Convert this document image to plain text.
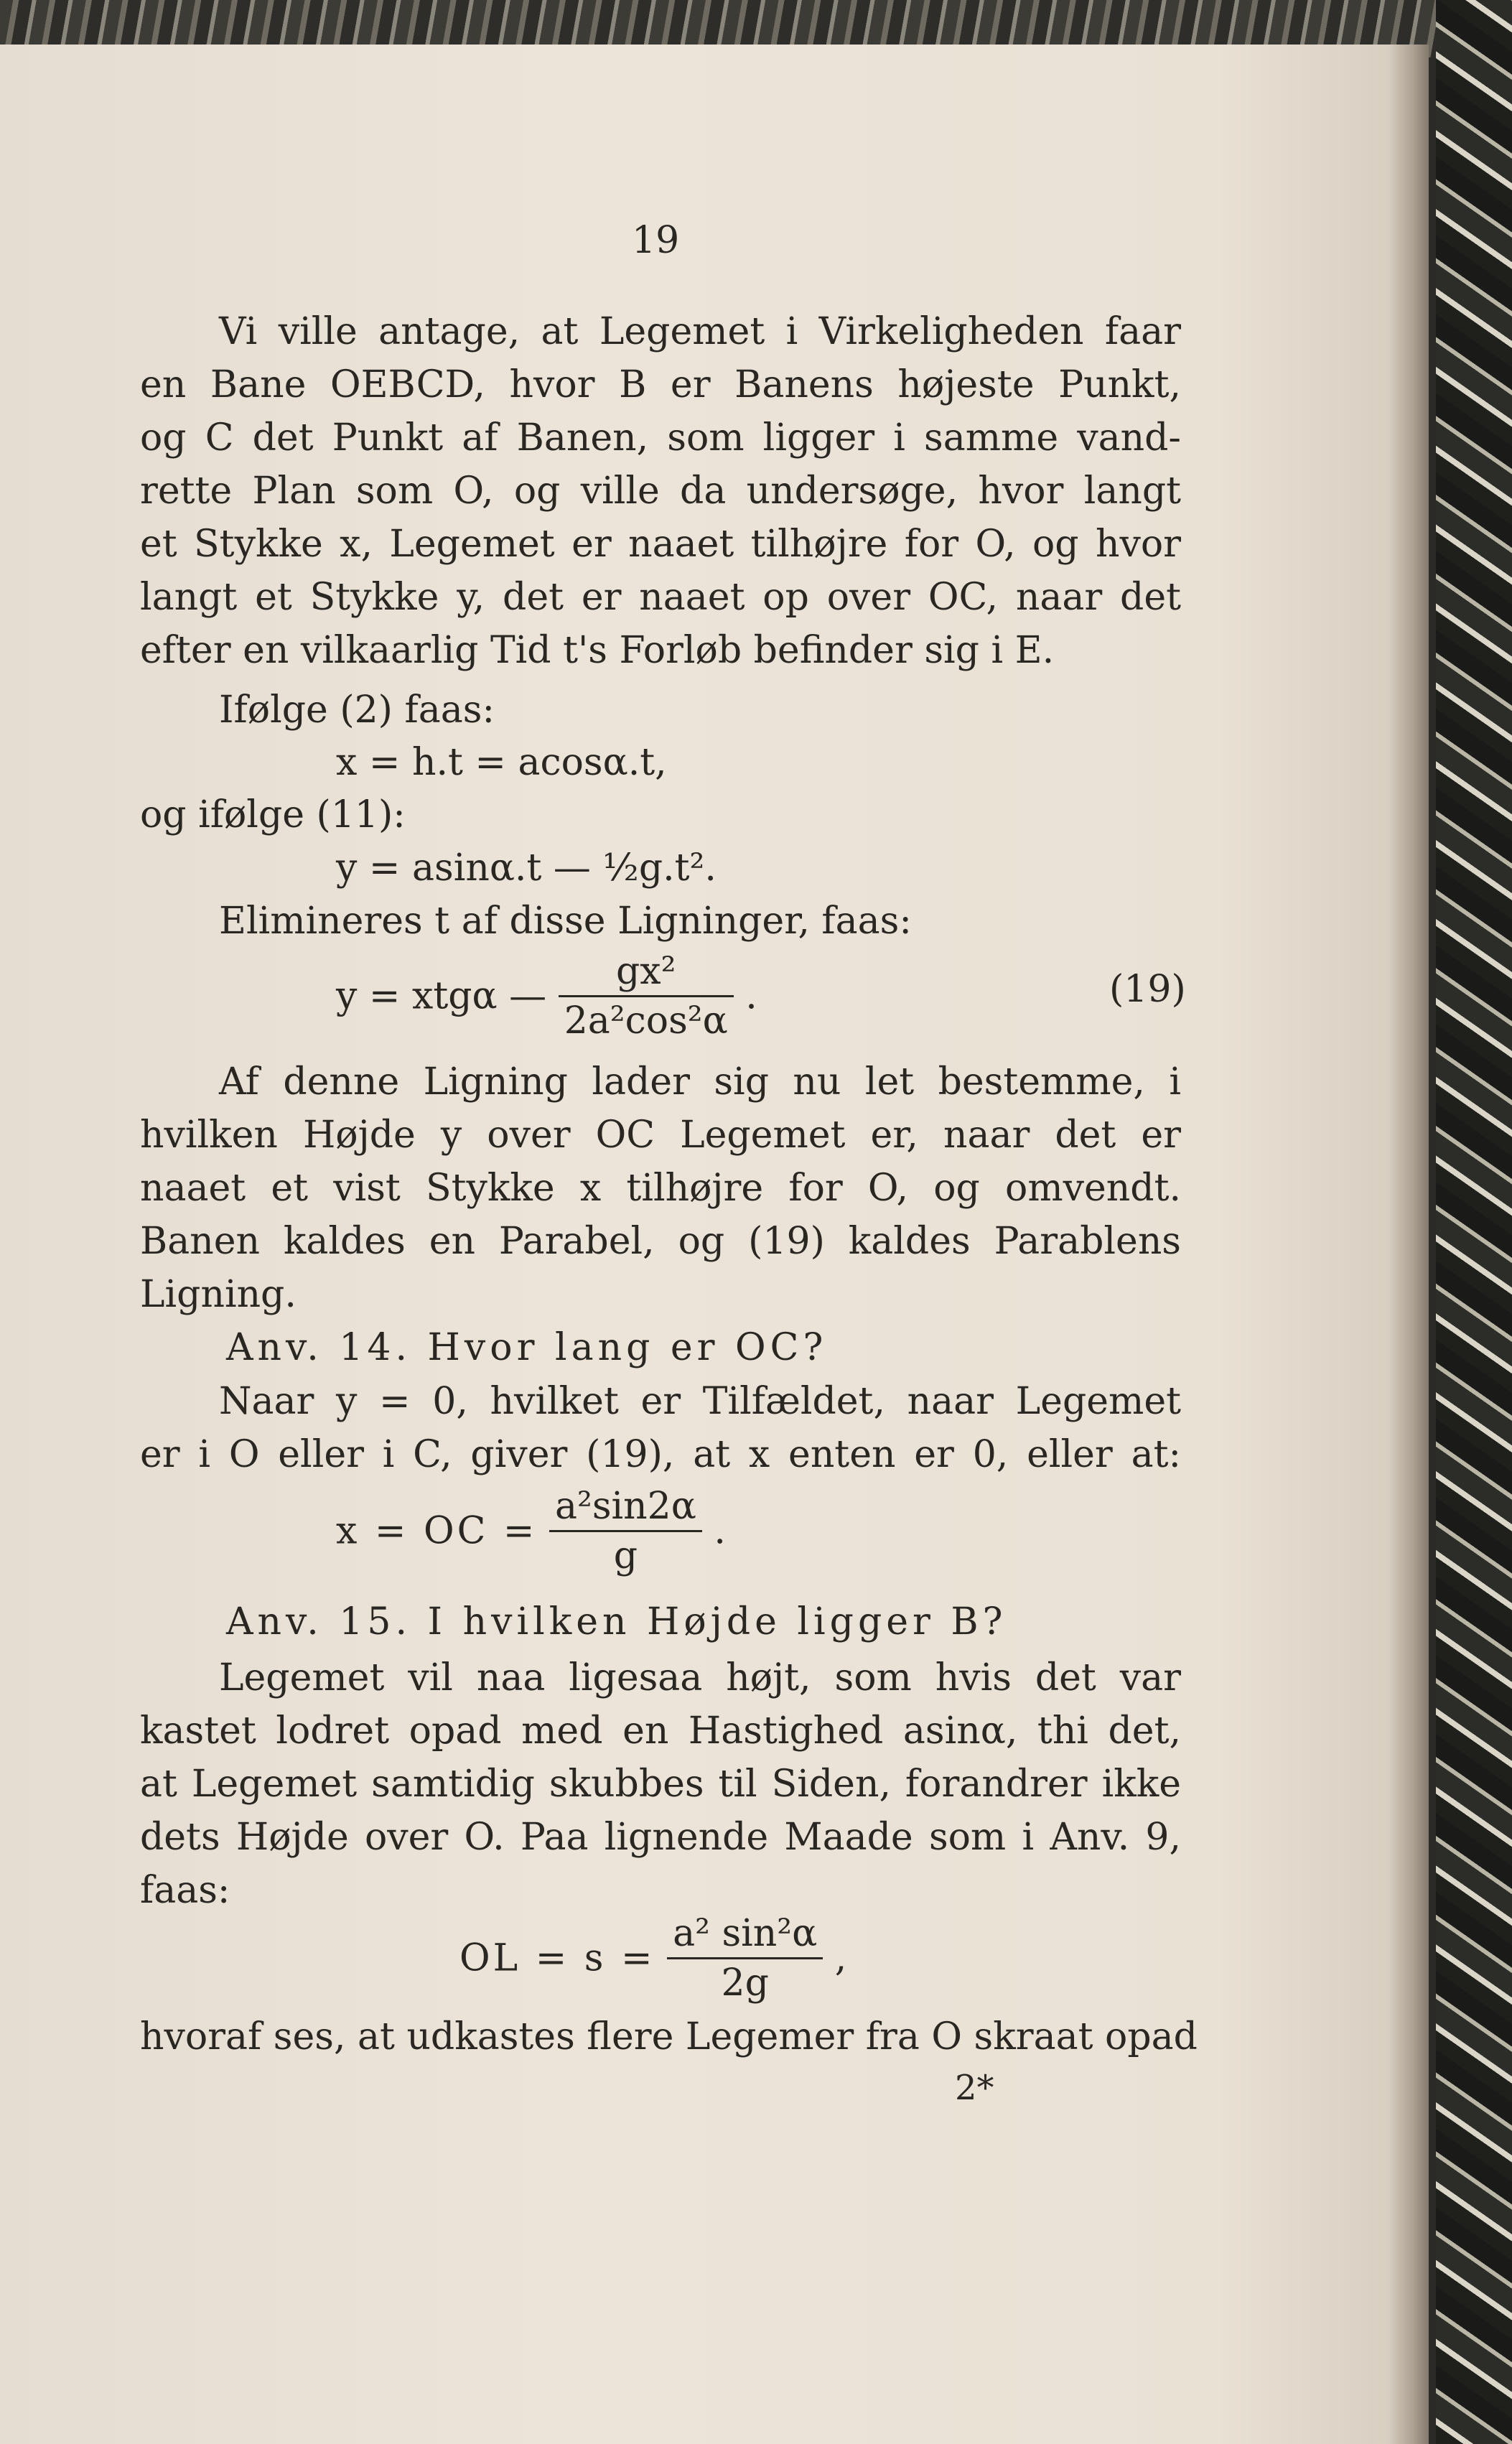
19
Vi ville antage, at Legemet i Virkeligheden faar
en Bane OEBCD, hvor B er Banens højeste Punkt,
og C det Punkt af Banen, som ligger i samme vand-
rette Plan som O, og ville da undersøge, hvor langt
et Stykke x, Legemet er naaet tilhøjre for O, og hvor
langt et Stykke y, det er naaet op over OC, naar det
efter en vilkaarlig Tid t's Forløb befinder sig i E.
Ifølge (2) faas:
x = h.t = acosα.t,
og ifølge (11):
y = asinα.t — ½g.t².
Elimineres t af disse Ligninger, faas:
y = xtgα — $\frac{\text{gx²}}{\text{2a²cos²α}}$ .	(19)
Af denne Ligning lader sig nu let bestemme, i
hvilken Højde y over OC Legemet er, naar det er
naaet et vist Stykke x tilhøjre for O, og omvendt.
Banen kaldes en Parabel, og (19) kaldes Parablens
Ligning.
Anv. 14. Hvor lang er OC?
Naar y = 0, hvilket er Tilfældet, naar Legemet
er i O eller i C, giver (19), at x enten er 0, eller at:
x = OC = $\frac{\text{a²sin2α}}{g}$ .
Anv. 15. I hvilken Højde ligger B?
Legemet vil naa ligesaa højt, som hvis det var
kastet lodret opad med en Hastighed asinα, thi det,
at Legemet samtidig skubbes til Siden, forandrer ikke
dets Højde over O. Paa lignende Maade som i Anv. 9,
faas:
OL = $s = \frac{\text{a² sin²α}}{2g}$ ,
hvoraf ses, at udkastes flere Legemer fra O skraat opad
2*
